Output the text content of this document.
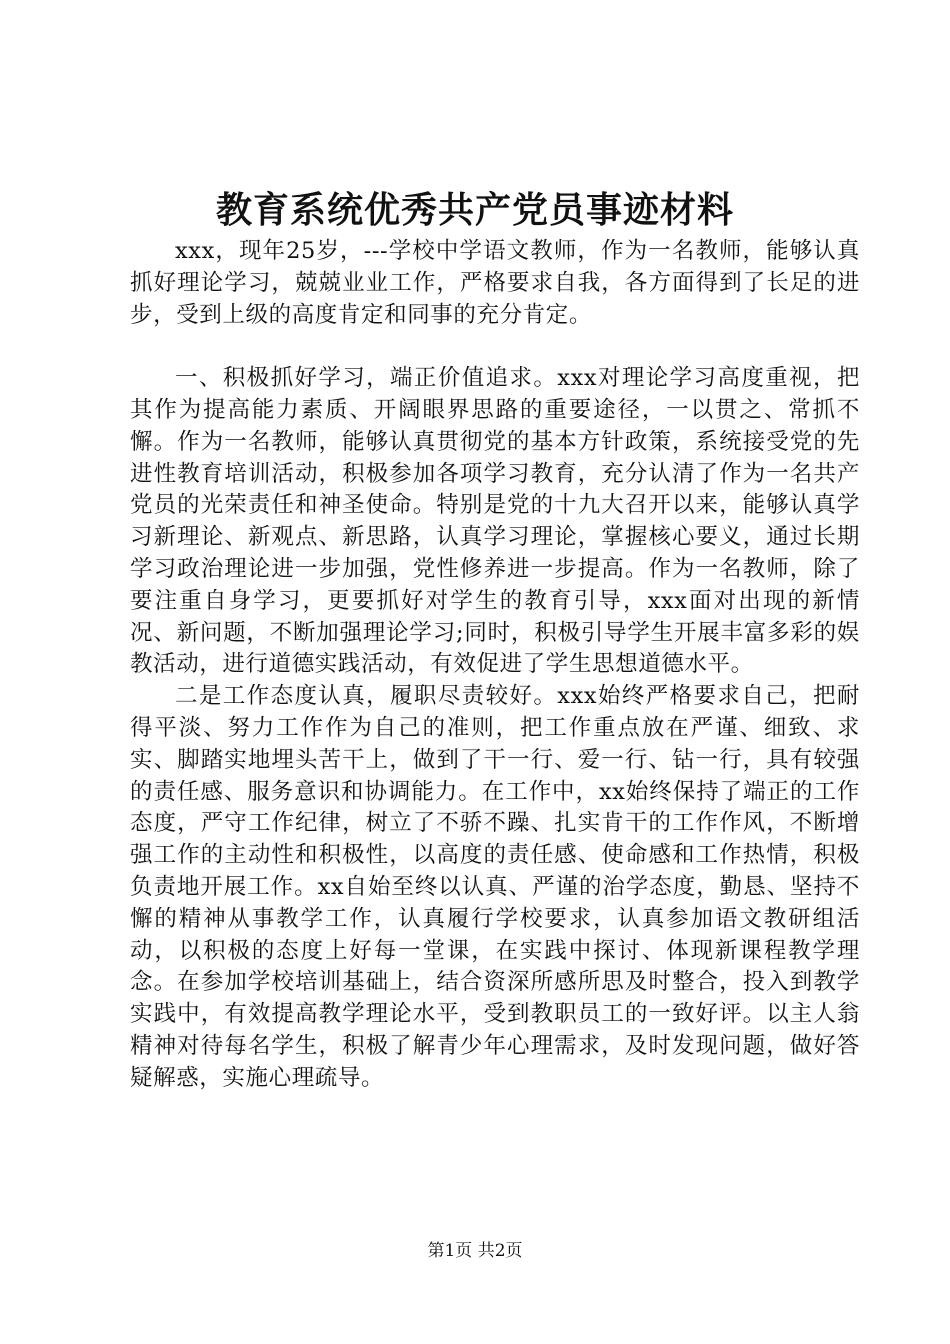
教育系统优秀共产党员事迹材料

xxx，现年25岁，---学校中学语文教师，作为一名教师，能够认真抓好理论学习，兢兢业业工作，严格要求自我，各方面得到了长足的进步，受到上级的高度肯定和同事的充分肯定。

一、积极抓好学习，端正价值追求。xxx对理论学习高度重视，把其作为提高能力素质、开阔眼界思路的重要途径，一以贯之、常抓不懈。作为一名教师，能够认真贯彻党的基本方针政策，系统接受党的先进性教育培训活动，积极参加各项学习教育，充分认清了作为一名共产党员的光荣责任和神圣使命。特别是党的十九大召开以来，能够认真学习新理论、新观点、新思路，认真学习理论，掌握核心要义，通过长期学习政治理论进一步加强，党性修养进一步提高。作为一名教师，除了要注重自身学习，更要抓好对学生的教育引导，xxx面对出现的新情况、新问题，不断加强理论学习;同时，积极引导学生开展丰富多彩的娱教活动，进行道德实践活动，有效促进了学生思想道德水平。

二是工作态度认真，履职尽责较好。xxx始终严格要求自己，把耐得平淡、努力工作作为自己的准则，把工作重点放在严谨、细致、求实、脚踏实地埋头苦干上，做到了干一行、爱一行、钻一行，具有较强的责任感、服务意识和协调能力。在工作中，xx始终保持了端正的工作态度，严守工作纪律，树立了不骄不躁、扎实肯干的工作作风，不断增强工作的主动性和积极性，以高度的责任感、使命感和工作热情，积极负责地开展工作。xx自始至终以认真、严谨的治学态度，勤恳、坚持不懈的精神从事教学工作，认真履行学校要求，认真参加语文教研组活动，以积极的态度上好每一堂课，在实践中探讨、体现新课程教学理念。在参加学校培训基础上，结合资深所感所思及时整合，投入到教学实践中，有效提高教学理论水平，受到教职员工的一致好评。以主人翁精神对待每名学生，积极了解青少年心理需求，及时发现问题，做好答疑解惑，实施心理疏导。

第1页 共2页
